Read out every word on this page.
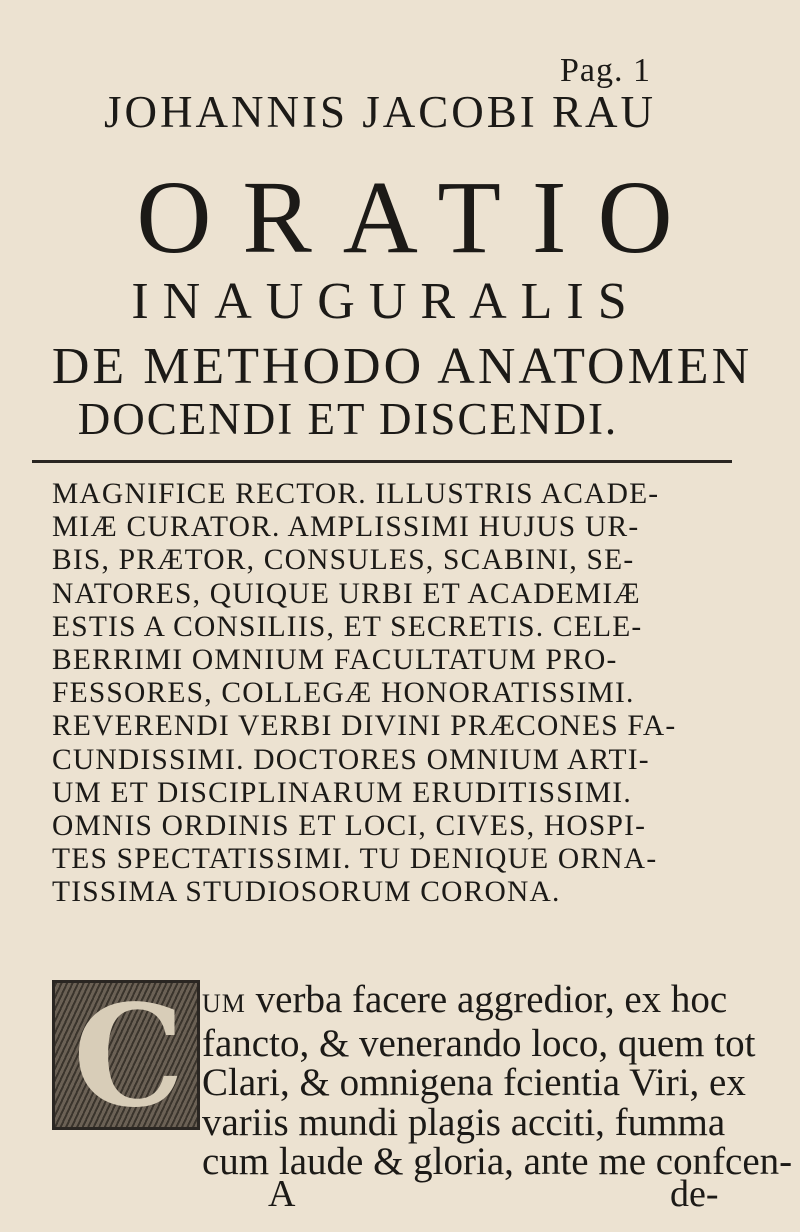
Pag. 1
JOHANNIS JACOBI RAU
ORATIO
INAUGURALIS
DE METHODO ANATOMEN
DOCENDI ET DISCENDI.
MAGNIFICE RECTOR. ILLUSTRIS ACADE-
MIÆ CURATOR. AMPLISSIMI HUJUS UR-
BIS, PRÆTOR, CONSULES, SCABINI, SE-
NATORES, QUIQUE URBI ET ACADEMIÆ
ESTIS A CONSILIIS, ET SECRETIS. CELE-
BERRIMI OMNIUM FACULTATUM PRO-
FESSORES, COLLEGÆ HONORATISSIMI.
REVERENDI VERBI DIVINI PRÆCONES FA-
CUNDISSIMI. DOCTORES OMNIUM ARTI-
UM ET DISCIPLINARUM ERUDITISSIMI.
OMNIS ORDINIS ET LOCI, CIVES, HOSPI-
TES SPECTATISSIMI. TU DENIQUE ORNA-
TISSIMA STUDIOSORUM CORONA.
C UM verba facere aggredior, ex hoc
fancto, & venerando loco, quem tot
Clari, & omnigena fcientia Viri, ex
variis mundi plagis acciti, fumma
cum laude & gloria, ante me confcen-
A	de-
